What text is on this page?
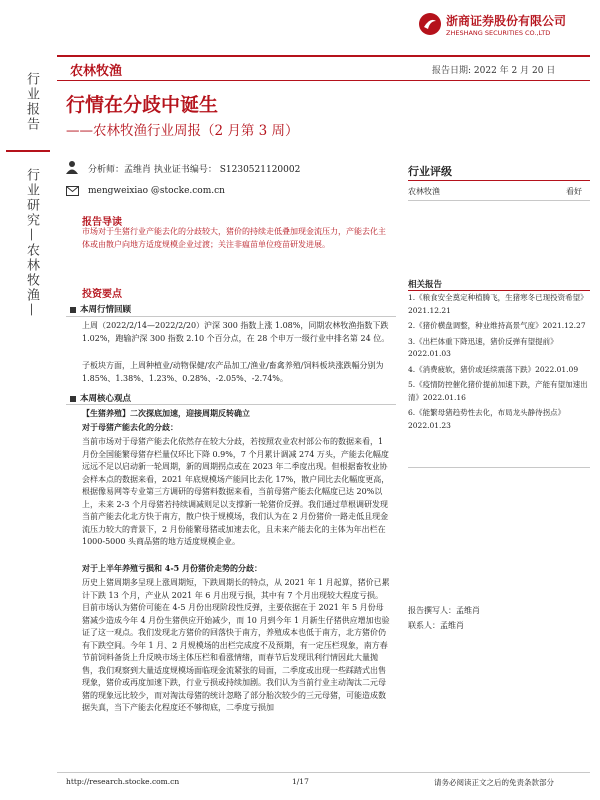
浙商证券股份有限公司
ZHESHANG SECURITIES CO.,LTD
农林牧渔	报告日期: 2022 年 2 月 20 日
行业报告
行业研究—农林牧渔—
行情在分歧中诞生
——农林牧渔行业周报（2 月第 3 周）
分析师：孟维肖 执业证书编号： S1230521120002
mengweixiao @stocke.com.cn
行业评级
农林牧渔	看好
报告导读
市场对于生猪行业产能去化的分歧较大，猪价的持续走低叠加现金流压力，产能去化主体或由散户向地方适度规模企业过渡；关注非瘟苗单位疫苗研发进展。
投资要点
本周行情回顾
上周（2022/2/14—2022/2/20）沪深 300 指数上涨 1.08%，同期农林牧渔指数下跌 1.02%，跑输沪深 300 指数 2.10 个百分点，在 28 个申万一级行业中排名第 24 位。
子板块方面，上周种植业/动物保健/农产品加工/渔业/畜禽养殖/饲料板块涨跌幅分别为 1.85%、1.38%、1.23%、0.28%、-2.05%、-2.74%。
本周核心观点
【生猪养殖】二次探底加速，迎接周期反转确立
对于母猪产能去化的分歧：
当前市场对于母猪产能去化依然存在较大分歧，若按照农业农村部公布的数据来看，1 月份全国能繁母猪存栏量仅环比下降 0.9%，7 个月累计调减 274 万头，产能去化幅度远远不足以启动新一轮周期，新的周期拐点或在 2023 年二季度出现。但根据畜牧业协会样本点的数据来看，2021 年底规模场产能同比去化 17%，散户同比去化幅度更高，根据像易网等专业第三方调研的母猪料数据来看，当前母猪产能去化幅度已达 20%以上，未来 2-3 个月母猪若持续调减则足以支撑新一轮猪价反弹。我们通过草根调研发现当前产能去化北方快于南方，散户快于规模场，我们认为在 2 月份猪价一路走低且现金流压力较大的背景下，2 月份能繁母猪或加速去化，且未来产能去化的主体为年出栏在 1000-5000 头商品猪的地方适度规模企业。
对于上半年养殖亏损和 4-5 月份猪价走势的分歧：
历史上猪周期多呈现上涨周期短，下跌周期长的特点，从 2021 年 1 月起算，猪价已累计下跌 13 个月，产业从 2021 年 6 月出现亏损，其中有 7 个月出现较大程度亏损。目前市场认为猪价可能在 4-5 月份出现阶段性反弹，主要依据在于 2021 年 5 月份母猪减少造成今年 4 月份生猪供应开始减少，而 10 月到今年 1 月新生仔猪供应增加也验证了这一观点。我们发现北方猪价的回落快于南方，养殖成本也低于南方，北方猪价仍有下跌空间。今年 1 月、2 月规模场的出栏完成度不及预期，有一定压栏现象，南方春节前饲料备货上升反映市场主体压栏和看涨情绪，而春节后发现讯利行情因此大量抛售，我们观察到大量适度规模场面临现金流紧张的局面，二季度或出现一些踩踏式出售现象，猪价或再度加速下跌，行业亏损或持续加剧。我们认为当前行业主动淘汰二元母猪的现象远比较少，而对淘汰母猪的统计忽略了部分胎次较少的三元母猪，可能造成数据失真，当下产能去化程度还不够彻底，二季度亏损加
相关报告
1.《粮食安全奠定种植腾飞，生猪寒冬已现投资希望》2021.12.21
2.《猪价横盘调整，种业维持高景气度》2021.12.27
3.《出栏体重下降迅速，猪价反弹有望提前》2022.01.03
4.《消费疲软，猪价或延续震荡下跌》2022.01.09
5.《疫情防控催化猪价提前加速下跌，产能有望加速出清》2022.01.16
6.《能繁母猪趋势性去化，布局龙头静待拐点》2022.01.23
报告撰写人：孟维肖
联系人：孟维肖
http://research.stocke.com.cn	1/17	请务必阅读正文之后的免责条款部分
